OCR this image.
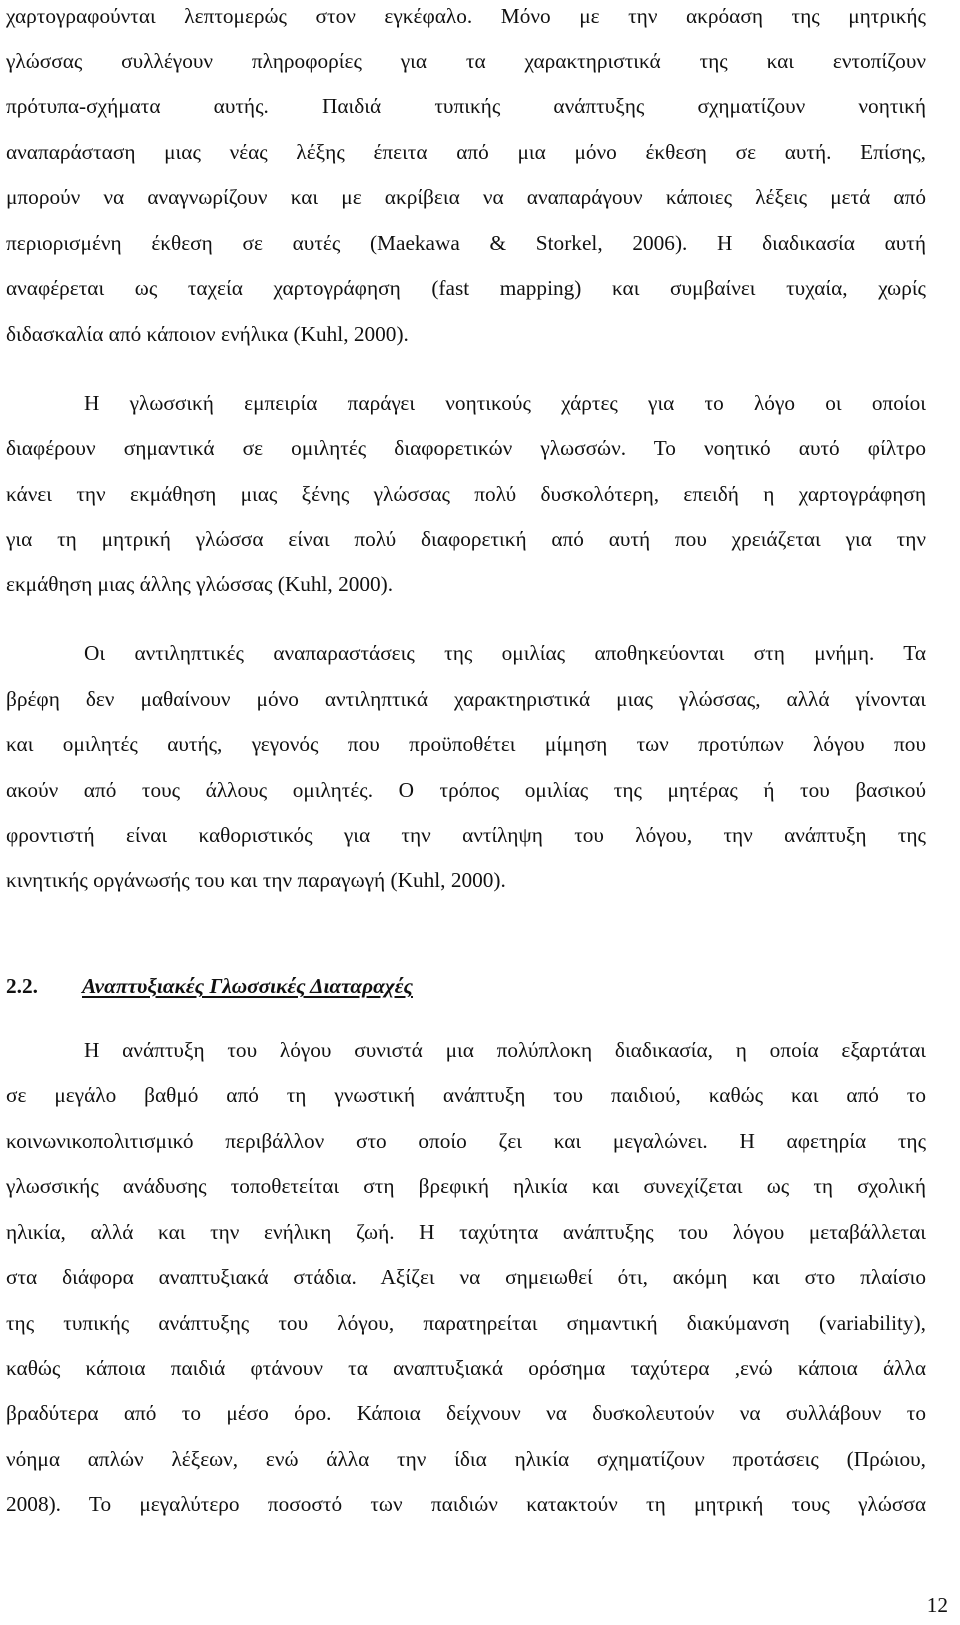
χαρτογραφούνται λεπτομερώς στον εγκέφαλο. Μόνο με την ακρόαση της μητρικής
γλώσσας συλλέγουν πληροφορίες για τα χαρακτηριστικά της και εντοπίζουν
πρότυπα-σχήματα αυτής. Παιδιά τυπικής ανάπτυξης σχηματίζουν νοητική
αναπαράσταση μιας νέας λέξης έπειτα από μια μόνο έκθεση σε αυτή. Επίσης,
μπορούν να αναγνωρίζουν και με ακρίβεια να αναπαράγουν κάποιες λέξεις μετά από
περιορισμένη έκθεση σε αυτές (Maekawa & Storkel, 2006). Η διαδικασία αυτή
αναφέρεται ως ταχεία χαρτογράφηση (fast mapping) και συμβαίνει τυχαία, χωρίς
διδασκαλία από κάποιον ενήλικα (Kuhl, 2000).
Η γλωσσική εμπειρία παράγει νοητικούς χάρτες για το λόγο οι οποίοι
διαφέρουν σημαντικά σε ομιλητές διαφορετικών γλωσσών. Το νοητικό αυτό φίλτρο
κάνει την εκμάθηση μιας ξένης γλώσσας πολύ δυσκολότερη, επειδή η χαρτογράφηση
για τη μητρική γλώσσα είναι πολύ διαφορετική από αυτή που χρειάζεται για την
εκμάθηση μιας άλλης γλώσσας (Kuhl, 2000).
Οι αντιληπτικές αναπαραστάσεις της ομιλίας αποθηκεύονται στη μνήμη. Τα
βρέφη δεν μαθαίνουν μόνο αντιληπτικά χαρακτηριστικά μιας γλώσσας, αλλά γίνονται
και ομιλητές αυτής, γεγονός που προϋποθέτει μίμηση των προτύπων λόγου που
ακούν από τους άλλους ομιλητές. Ο τρόπος ομιλίας της μητέρας ή του βασικού
φροντιστή είναι καθοριστικός για την αντίληψη του λόγου, την ανάπτυξη της
κινητικής οργάνωσής του και την παραγωγή (Kuhl, 2000).
2.2. Αναπτυξιακές Γλωσσικές Διαταραχές
Η ανάπτυξη του λόγου συνιστά μια πολύπλοκη διαδικασία, η οποία εξαρτάται
σε μεγάλο βαθμό από τη γνωστική ανάπτυξη του παιδιού, καθώς και από το
κοινωνικοπολιτισμικό περιβάλλον στο οποίο ζει και μεγαλώνει. Η αφετηρία της
γλωσσικής ανάδυσης τοποθετείται στη βρεφική ηλικία και συνεχίζεται ως τη σχολική
ηλικία, αλλά και την ενήλικη ζωή. Η ταχύτητα ανάπτυξης του λόγου μεταβάλλεται
στα διάφορα αναπτυξιακά στάδια. Αξίζει να σημειωθεί ότι, ακόμη και στο πλαίσιο
της τυπικής ανάπτυξης του λόγου, παρατηρείται σημαντική διακύμανση (variability),
καθώς κάποια παιδιά φτάνουν τα αναπτυξιακά ορόσημα ταχύτερα ,ενώ κάποια άλλα
βραδύτερα από το μέσο όρο. Κάποια δείχνουν να δυσκολευτούν να συλλάβουν το
νόημα απλών λέξεων, ενώ άλλα την ίδια ηλικία σχηματίζουν προτάσεις (Πρώιου,
2008). Το μεγαλύτερο ποσοστό των παιδιών κατακτούν τη μητρική τους γλώσσα
12
